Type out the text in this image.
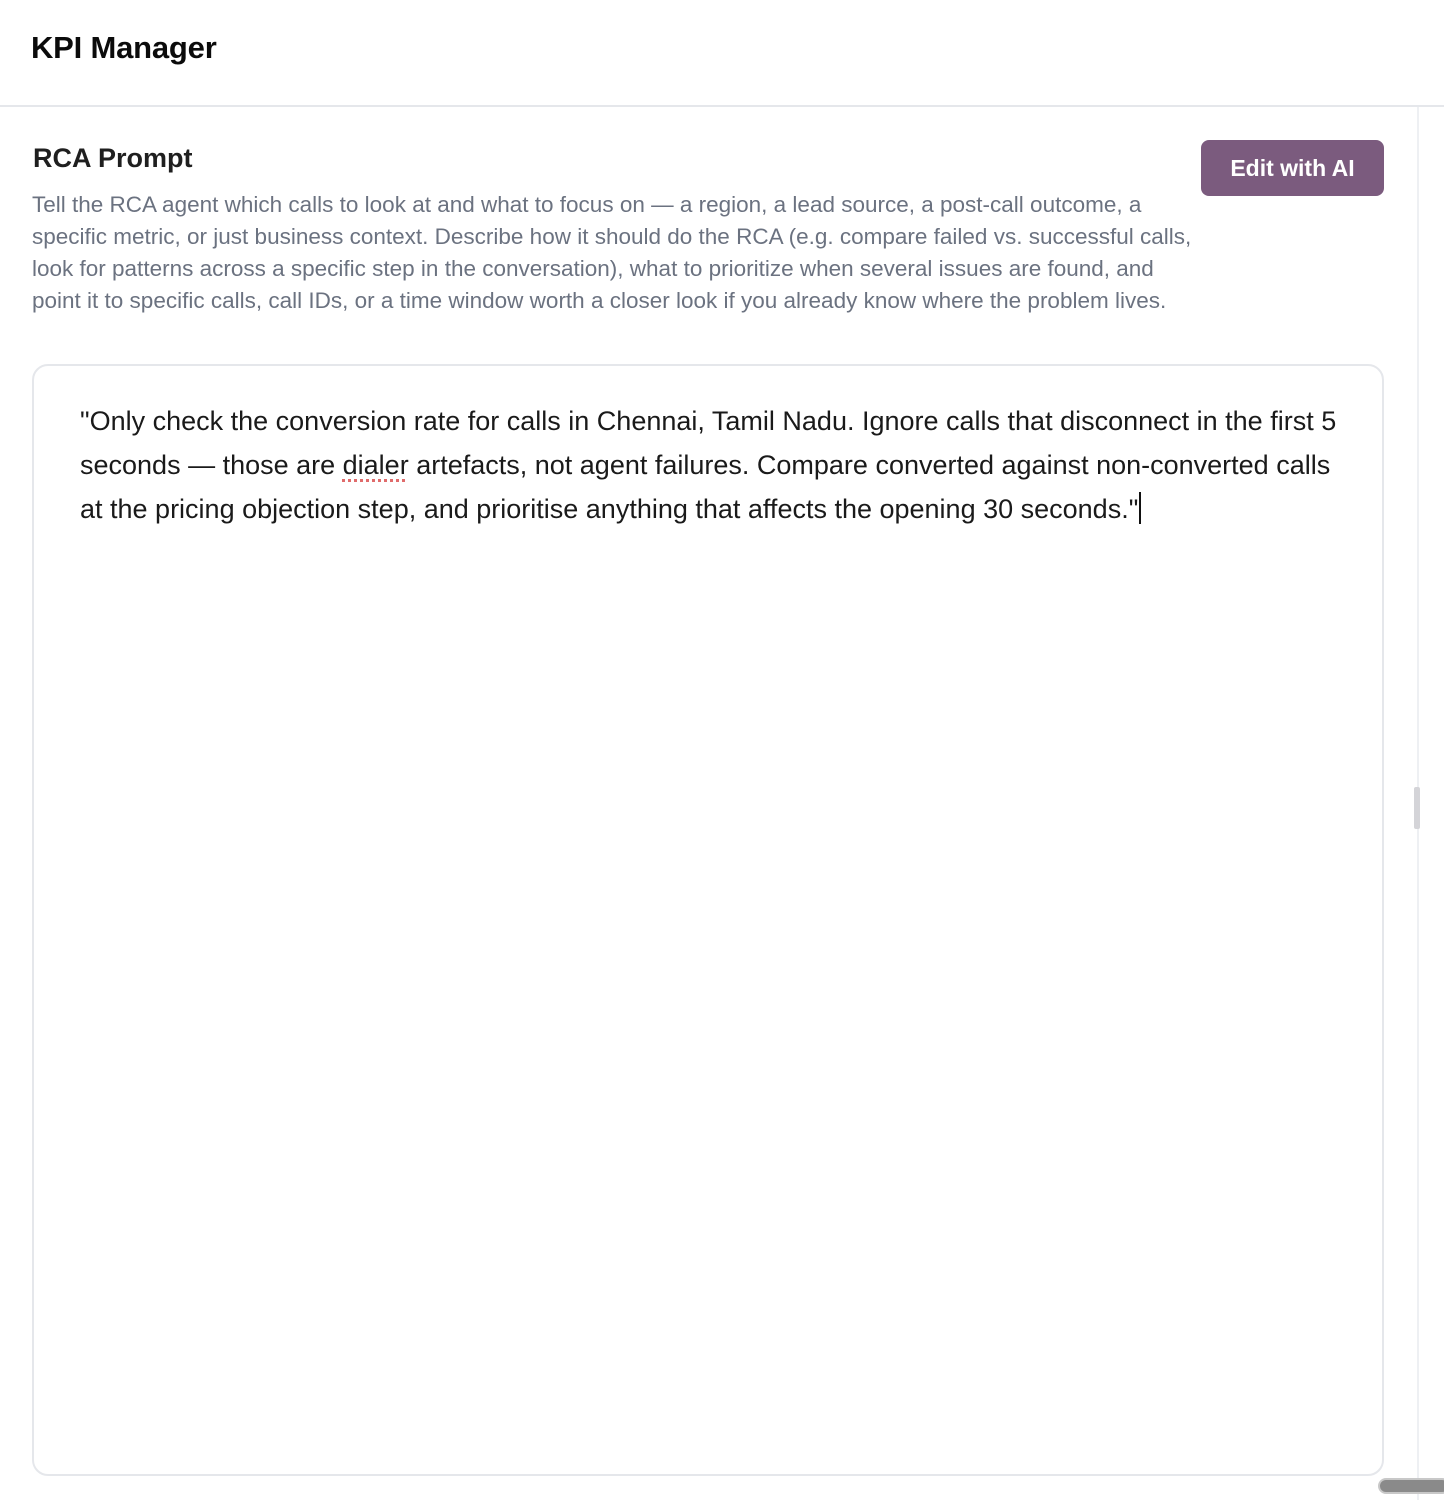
KPI Manager
RCA Prompt
Tell the RCA agent which calls to look at and what to focus on — a region, a lead source, a post-call outcome, a specific metric, or just business context. Describe how it should do the RCA (e.g. compare failed vs. successful calls, look for patterns across a specific step in the conversation), what to prioritize when several issues are found, and point it to specific calls, call IDs, or a time window worth a closer look if you already know where the problem lives.
Edit with AI
"Only check the conversion rate for calls in Chennai, Tamil Nadu. Ignore calls that disconnect in the first 5 seconds — those are dialer artefacts, not agent failures. Compare converted against non-converted calls at the pricing objection step, and prioritise anything that affects the opening 30 seconds."
